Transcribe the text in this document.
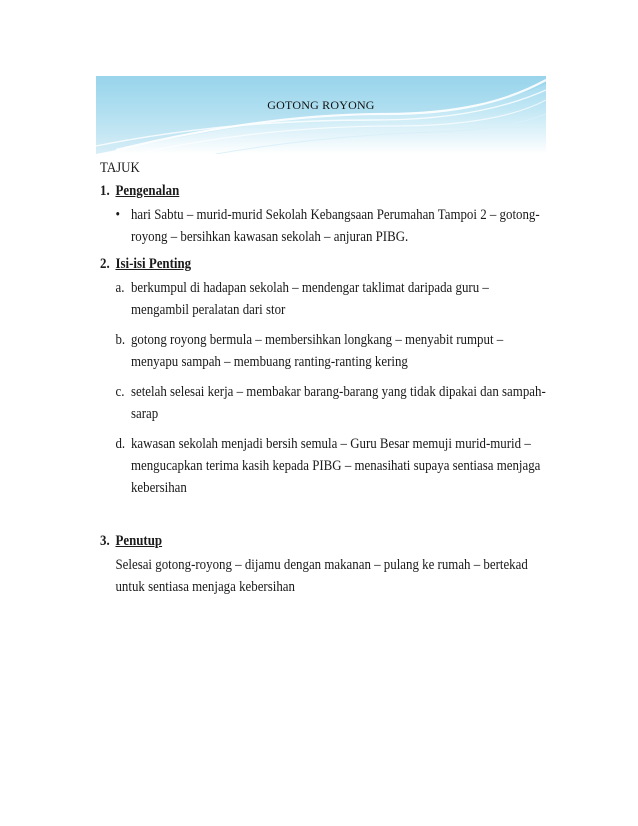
GOTONG ROYONG
TAJUK
1. Pengenalan
• hari Sabtu – murid-murid Sekolah Kebangsaan Perumahan Tampoi 2 – gotong-royong – bersihkan kawasan sekolah – anjuran PIBG.
2. Isi-isi Penting
a. berkumpul di hadapan sekolah – mendengar taklimat daripada guru – mengambil peralatan dari stor
b. gotong royong bermula – membersihkan longkang – menyabit rumput – menyapu sampah – membuang ranting-ranting kering
c. setelah selesai kerja – membakar barang-barang yang tidak dipakai dan sampah-sarap
d. kawasan sekolah menjadi bersih semula – Guru Besar memuji murid-murid – mengucapkan terima kasih kepada PIBG – menasihati supaya sentiasa menjaga kebersihan
3. Penutup
Selesai gotong-royong – dijamu dengan makanan – pulang ke rumah – bertekad untuk sentiasa menjaga kebersihan
